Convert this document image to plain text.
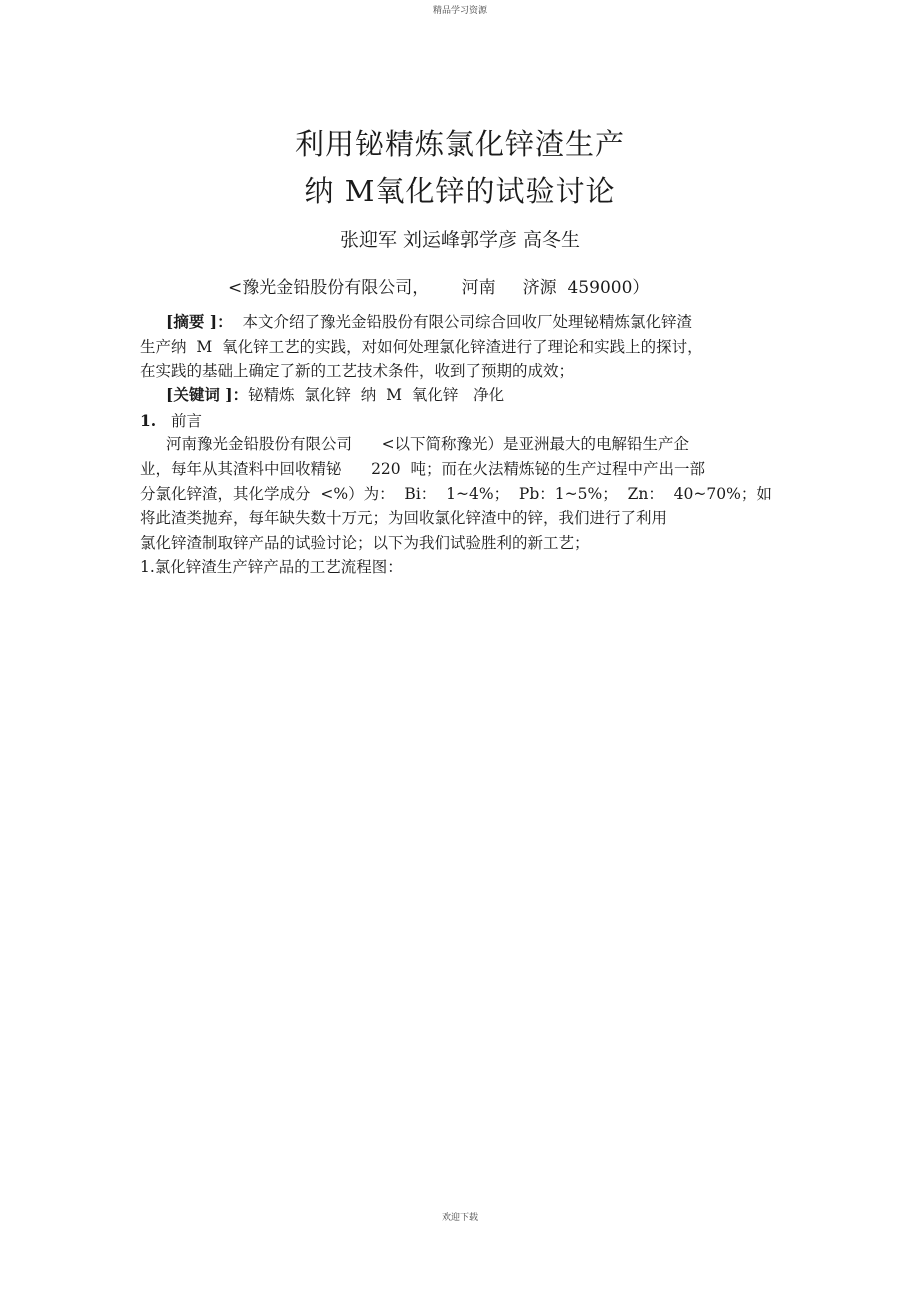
精品学习资源
利用铋精炼氯化锌渣生产
纳 M氧化锌的试验讨论
张迎军 刘运峰郭学彦 高冬生
<豫光金铅股份有限公司，      河南     济源  459000）
[摘要 ]： 本文介绍了豫光金铅股份有限公司综合回收厂处理铋精炼氯化锌渣
生产纳  M  氧化锌工艺的实践，对如何处理氯化锌渣进行了理论和实践上的探讨，
在实践的基础上确定了新的工艺技术条件，收到了预期的成效；
[关键词 ]：铋精炼  氯化锌  纳  M  氧化锌   净化
1. 前言
河南豫光金铅股份有限公司      <以下简称豫光）是亚洲最大的电解铅生产企
业，每年从其渣料中回收精铋      220  吨；而在火法精炼铋的生产过程中产出一部
分氯化锌渣，其化学成分  <%）为：  Bi：  1~4%；  Pb：1~5%；  Zn：  40~70%；如
将此渣类抛弃，每年缺失数十万元；为回收氯化锌渣中的锌，我们进行了利用
氯化锌渣制取锌产品的试验讨论；以下为我们试验胜利的新工艺；
1.氯化锌渣生产锌产品的工艺流程图：
欢迎下载
